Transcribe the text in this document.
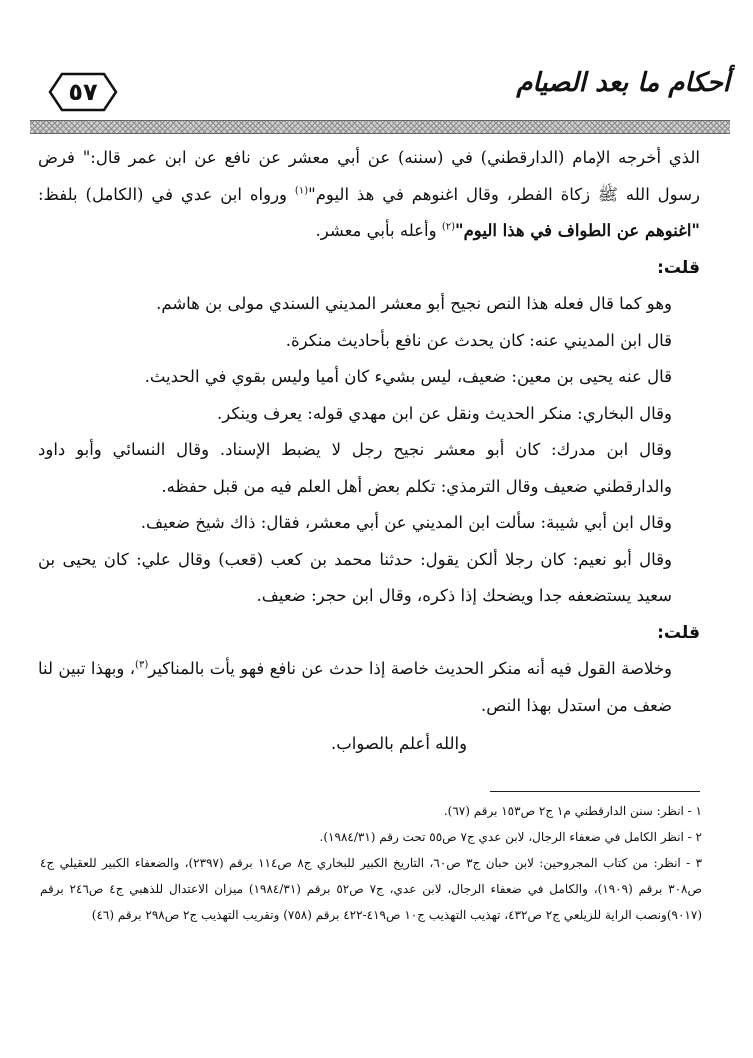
٥٧	أحكام ما بعد الصيام

الذي أخرجه الإمام (الدارقطني) في (سننه) عن أبي معشر عن نافع عن ابن عمر قال:" فرض رسول الله ﷺ زكاة الفطر، وقال اغنوهم في هذ اليوم"$^{(١)}$ ورواه ابن عدي في (الكامل) بلفظ: "اغنوهم عن الطواف في هذا اليوم"$^{(٢)}$ وأعله بأبي معشر.

قلت:

وهو كما قال فعله هذا النص نجيح أبو معشر المديني السندي مولى بن هاشم.

قال ابن المديني عنه: كان يحدث عن نافع بأحاديث منكرة.

قال عنه يحيى بن معين: ضعيف، ليس بشيء كان أميا وليس بقوي في الحديث.

وقال البخاري: منكر الحديث ونقل عن ابن مهدي قوله: يعرف وينكر.

وقال ابن مدرك: كان أبو معشر نجيح رجل لا يضبط الإسناد. وقال النسائي وأبو داود والدارقطني ضعيف وقال الترمذي: تكلم بعض أهل العلم فيه من قبل حفظه.

وقال ابن أبي شيبة: سألت ابن المديني عن أبي معشر، فقال: ذاك شيخ ضعيف.

وقال أبو نعيم: كان رجلا ألكن يقول: حدثنا محمد بن كعب (قعب) وقال علي: كان يحيى بن سعيد يستضعفه جدا ويضحك إذا ذكره، وقال ابن حجر: ضعيف.

قلت:

وخلاصة القول فيه أنه منكر الحديث خاصة إذا حدث عن نافع فهو يأت بالمناكير$^{(٣)}$، وبهذا تبين لنا ضعف من استدل بهذا النص.

والله أعلم بالصواب.

١ - انظر: سنن الدارقطني م١ ج٢ ص١٥٣ برقم (٦٧).

٢ - انظر الكامل في ضعفاء الرجال، لابن عدي ج٧ ص٥٥ تحت رقم (١٩٨٤/٣١).

٣ - انظر: من كتاب المجروحين: لابن حبان ج٣ ص٦٠، التاريخ الكبير للبخاري ج٨ ص١١٤ برقم (٢٣٩٧)، والضعفاء الكبير للعقيلي ج٤ ص٣٠٨ برقم (١٩٠٩)، والكامل في ضعفاء الرجال، لابن عدي، ج٧ ص٥٢ برقم (١٩٨٤/٣١) ميزان الاعتدال للذهبي ج٤ ص٢٤٦ برقم (٩٠١٧)ونصب الراية للزيلعي ج٢ ص٤٣٢، تهذيب التهذيب ج١٠ ص٤١٩-٤٢٢ برقم (٧٥٨) وتقريب التهذيب ج٢ ص٢٩٨ برقم (٤٦)
